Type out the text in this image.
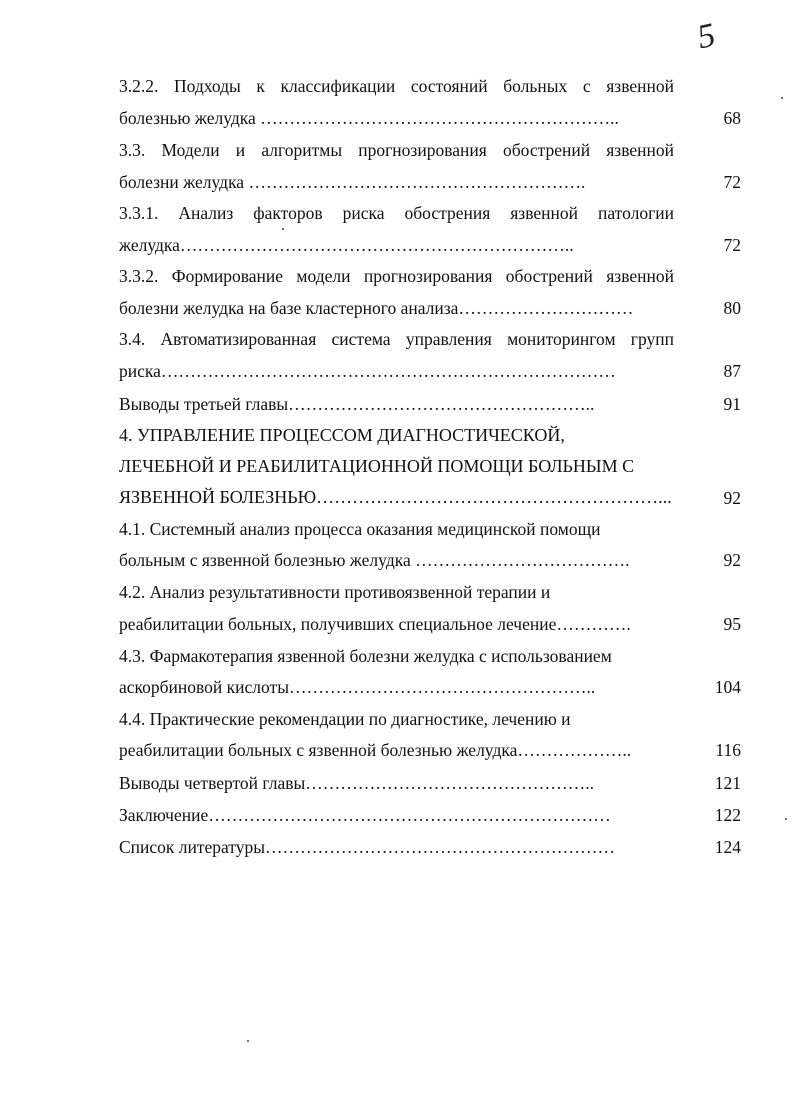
5
3.2.2. Подходы к классификации состояний больных с язвенной
болезнью желудка ……………………………………………………..	68
3.3. Модели и алгоритмы прогнозирования обострений язвенной
болезни желудка ………………………………………………….	72
3.3.1. Анализ факторов риска обострения язвенной патологии
желудка…………………………………………………………..	72
3.3.2. Формирование модели прогнозирования обострений язвенной
болезни желудка на базе кластерного анализа…………………………	80
3.4. Автоматизированная система управления мониторингом групп
риска……………………………………………………………………	87
Выводы третьей главы……………………………………………..	91
4. УПРАВЛЕНИЕ ПРОЦЕССОМ ДИАГНОСТИЧЕСКОЙ,
ЛЕЧЕБНОЙ И РЕАБИЛИТАЦИОННОЙ ПОМОЩИ БОЛЬНЫМ С
ЯЗВЕННОЙ БОЛЕЗНЬЮ…………………………………………………...	92
4.1. Системный анализ процесса оказания медицинской помощи
больным с язвенной болезнью желудка ……………………………….	92
4.2. Анализ результативности противоязвенной терапии и
реабилитации больных, получивших специальное лечение………….	95
4.3. Фармакотерапия язвенной болезни желудка с использованием
аскорбиновой кислоты……………………………………………..	104
4.4. Практические рекомендации по диагностике, лечению и
реабилитации больных с язвенной болезнью желудка………………..	116
Выводы четвертой главы…………………………………………..	121
Заключение……………………………………………………………	122
Список литературы……………………………………………………	124
